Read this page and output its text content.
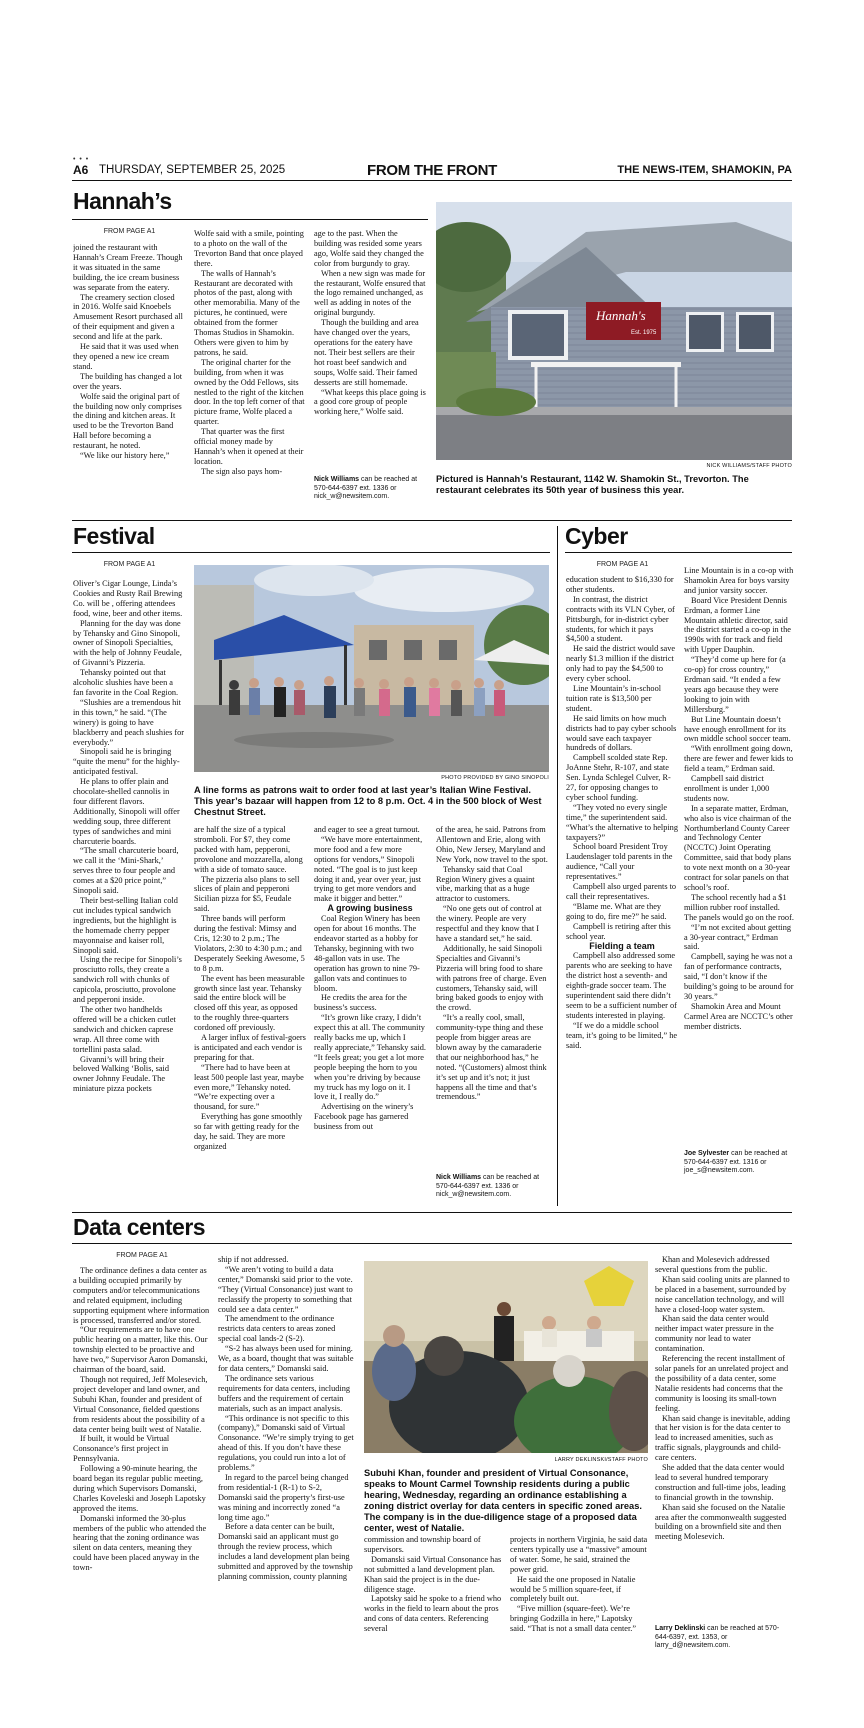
• • •
A6 THURSDAY, SEPTEMBER 25, 2025	FROM THE FRONT	THE NEWS-ITEM, SHAMOKIN, PA
Hannah’s
FROM PAGE A1

joined the restaurant with Hannah’s Cream Freeze. Though it was situated in the same building, the ice cream business was separate from the eatery.

The creamery section closed in 2016. Wolfe said Knoebels Amusement Resort purchased all of their equipment and given a second and life at the park.

He said that it was used when they opened a new ice cream stand.

The building has changed a lot over the years.

Wolfe said the original part of the building now only comprises the dining and kitchen areas. It used to be the Trevorton Band Hall before becoming a restaurant, he noted.

“We like our history here,”

Wolfe said with a smile, pointing to a photo on the wall of the Trevorton Band that once played there.

The walls of Hannah’s Restaurant are decorated with photos of the past, along with other memorabilia. Many of the pictures, he continued, were obtained from the former Thomas Studios in Shamokin. Others were given to him by patrons, he said.

The original charter for the building, from when it was owned by the Odd Fellows, sits nestled to the right of the kitchen door. In the top left corner of that picture frame, Wolfe placed a quarter.

That quarter was the first official money made by Hannah’s when it opened at their location.

The sign also pays hom-

age to the past. When the building was resided some years ago, Wolfe said they changed the color from burgundy to gray.

When a new sign was made for the restaurant, Wolfe ensured that the logo remained unchanged, as well as adding in notes of the original burgundy.

Though the building and area have changed over the years, operations for the eatery have not. Their best sellers are their hot roast beef sandwich and soups, Wolfe said. Their famed desserts are still homemade.

“What keeps this place going is a good core group of people working here,” Wolfe said.

Nick Williams can be reached at 570-644-6397 ext. 1336 or nick_w@newsitem.com.
Hannah's
Est. 1975
NICK WILLIAMS/STAFF PHOTO
Pictured is Hannah’s Restaurant, 1142 W. Shamokin St., Trevorton. The restaurant celebrates its 50th year of business this year.
Festival
FROM PAGE A1

Oliver’s Cigar Lounge, Linda’s Cookies and Rusty Rail Brewing Co. will be , offering attendees food, wine, beer and other items.

Planning for the day was done by Tehansky and Gino Sinopoli, owner of Sinopoli Specialties, with the help of Johnny Feudale, of Givanni’s Pizzeria.

Tehansky pointed out that alcoholic slushies have been a fan favorite in the Coal Region.

“Slushies are a tremendous hit in this town,” he said. “(The winery) is going to have blackberry and peach slushies for everybody.”

Sinopoli said he is bringing “quite the menu” for the highly-anticipated festival.

He plans to offer plain and chocolate-shelled cannolis in four different flavors. Additionally, Sinopoli will offer wedding soup, three different types of sandwiches and mini charcuterie boards.

“The small charcuterie board, we call it the ‘Mini-Shark,’ serves three to four people and comes at a $20 price point,” Sinopoli said.

Their best-selling Italian cold cut includes typical sandwich ingredients, but the highlight is the homemade cherry pepper mayonnaise and kaiser roll, Sinopoli said.

Using the recipe for Sinopoli’s prosciutto rolls, they create a sandwich roll with chunks of capicola, prosciutto, provolone and pepperoni inside.

The other two handhelds offered will be a chicken cutlet sandwich and chicken caprese wrap. All three come with tortellini pasta salad.

Givanni’s will bring their beloved Walking ‘Bolis, said owner Johnny Feudale. The miniature pizza pockets

PHOTO PROVIDED BY GINO SINOPOLI
A line forms as patrons wait to order food at last year’s Italian Wine Festival. This year’s bazaar will happen from 12 to 8 p.m. Oct. 4 in the 500 block of West Chestnut Street.

are half the size of a typical stromboli. For $7, they come packed with ham, pepperoni, provolone and mozzarella, along with a side of tomato sauce.

The pizzeria also plans to sell slices of plain and pepperoni Sicilian pizza for $5, Feudale said.

Three bands will perform during the festival: Mimsy and Cris, 12:30 to 2 p.m.; The Violators, 2:30 to 4:30 p.m.; and Desperately Seeking Awesome, 5 to 8 p.m.

The event has been measurable growth since last year. Tehansky said the entire block will be closed off this year, as opposed to the roughly three-quarters cordoned off previously.

A larger influx of festival-goers is anticipated and each vendor is preparing for that.

“There had to have been at least 500 people last year, maybe even more,” Tehansky noted. “We’re expecting over a thousand, for sure.”

Everything has gone smoothly so far with getting ready for the day, he said. They are more organized

and eager to see a great turnout.

“We have more entertainment, more food and a few more options for vendors,” Sinopoli noted. “The goal is to just keep doing it and, year over year, just trying to get more vendors and make it bigger and better.”

A growing business

Coal Region Winery has been open for about 16 months. The endeavor started as a hobby for Tehansky, beginning with two 48-gallon vats in use. The operation has grown to nine 79-gallon vats and continues to bloom.

He credits the area for the business’s success.

“It’s grown like crazy, I didn’t expect this at all. The community really backs me up, which I really appreciate,” Tehansky said. “It feels great; you get a lot more people beeping the horn to you when you’re driving by because my truck has my logo on it. I love it, I really do.”

Advertising on the winery’s Facebook page has garnered business from out

of the area, he said. Patrons from Allentown and Erie, along with Ohio, New Jersey, Maryland and New York, now travel to the spot.

Tehansky said that Coal Region Winery gives a quaint vibe, marking that as a huge attractor to customers.

“No one gets out of control at the winery. People are very respectful and they know that I have a standard set,” he said.

Additionally, he said Sinopoli Specialties and Givanni’s Pizzeria will bring food to share with patrons free of charge. Even customers, Tehansky said, will bring baked goods to enjoy with the crowd.

“It’s a really cool, small, community-type thing and these people from bigger areas are blown away by the camaraderie that our neighborhood has,” he noted. “(Customers) almost think it’s set up and it’s not; it just happens all the time and that’s tremendous.”

Nick Williams can be reached at 570-644-6397 ext. 1336 or nick_w@newsitem.com.
Cyber
FROM PAGE A1

education student to $16,330 for other students.

In contrast, the district contracts with its VLN Cyber, of Pittsburgh, for in-district cyber students, for which it pays $4,500 a student.

He said the district would save nearly $1.3 million if the district only had to pay the $4,500 to every cyber school.

Line Mountain’s in-school tuition rate is $13,500 per student.

He said limits on how much districts had to pay cyber schools would save each taxpayer hundreds of dollars.

Campbell scolded state Rep. JoAnne Stehr, R-107, and state Sen. Lynda Schlegel Culver, R-27, for opposing changes to cyber school funding.

“They voted no every single time,” the superintendent said. “What’s the alternative to helping taxpayers?”

School board President Troy Laudenslager told parents in the audience, “Call your representatives.”

Campbell also urged parents to call their representatives.

“Blame me. What are they going to do, fire me?” he said.

Campbell is retiring after this school year.

Fielding a team

Campbell also addressed some parents who are seeking to have the district host a seventh- and eighth-grade soccer team. The superintendent said there didn’t seem to be a sufficient number of students interested in playing.

“If we do a middle school team, it’s going to be limited,” he said.

Line Mountain is in a co-op with Shamokin Area for boys varsity and junior varsity soccer.

Board Vice President Dennis Erdman, a former Line Mountain athletic director, said the district started a co-op in the 1990s with for track and field with Upper Dauphin.

“They’d come up here for (a co-op) for cross country,” Erdman said. “It ended a few years ago because they were looking to join with Millersburg.”

But Line Mountain doesn’t have enough enrollment for its own middle school soccer team.

“With enrollment going down, there are fewer and fewer kids to field a team,” Erdman said.

Campbell said district enrollment is under 1,000 students now.

In a separate matter, Erdman, who also is vice chairman of the Northumberland County Career and Technology Center (NCCTC) Joint Operating Committee, said that body plans to vote next month on a 30-year contract for solar panels on that school’s roof.

The school recently had a $1 million rubber roof installed. The panels would go on the roof.

“I’m not excited about getting a 30-year contract,” Erdman said.

Campbell, saying he was not a fan of performance contracts, said, “I don’t know if the building’s going to be around for 30 years.”

Shamokin Area and Mount Carmel Area are NCCTC’s other member districts.

Joe Sylvester can be reached at 570-644-6397 ext. 1316 or joe_s@newsitem.com.
Data centers
FROM PAGE A1

The ordinance defines a data center as a building occupied primarily by computers and/or telecommunications and related equipment, including supporting equipment where information is processed, transferred and/or stored.

“Our requirements are to have one public hearing on a matter, like this. Our township elected to be proactive and have two,” Supervisor Aaron Domanski, chairman of the board, said.

Though not required, Jeff Molesevich, project developer and land owner, and Subuhi Khan, founder and president of Virtual Consonance, fielded questions from residents about the possibility of a data center being built west of Natalie.

If built, it would be Virtual Consonance’s first project in Pennsylvania.

Following a 90-minute hearing, the board began its regular public meeting, during which Supervisors Domanski, Charles Koveleski and Joseph Lapotsky approved the items.

Domanski informed the 30-plus members of the public who attended the hearing that the zoning ordinance was silent on data centers, meaning they could have been placed anyway in the town-

ship if not addressed.

“We aren’t voting to build a data center,” Domanski said prior to the vote. “They (Virtual Consonance) just want to reclassify the property to something that could see a data center.”

The amendment to the ordinance restricts data centers to areas zoned special coal lands-2 (S-2).

“S-2 has always been used for mining. We, as a board, thought that was suitable for data centers,” Domanski said.

The ordinance sets various requirements for data centers, including buffers and the requirement of certain materials, such as an impact analysis.

“This ordinance is not specific to this (company),” Domanski said of Virtual Consonance. “We’re simply trying to get ahead of this. If you don’t have these regulations, you could run into a lot of problems.”

In regard to the parcel being changed from residential-1 (R-1) to S-2, Domanski said the property’s first-use was mining and incorrectly zoned “a long time ago.”

Before a data center can be built, Domanski said an applicant must go through the review process, which includes a land development plan being submitted and approved by the township planning commission, county planning

LARRY DEKLINSKI/STAFF PHOTO
Subuhi Khan, founder and president of Virtual Consonance, speaks to Mount Carmel Township residents during a public hearing, Wednesday, regarding an ordinance establishing a zoning district overlay for data centers in specific zoned areas. The company is in the due-diligence stage of a proposed data center, west of Natalie.

commission and township board of supervisors.

Domanski said Virtual Consonance has not submitted a land development plan. Khan said the project is in the due-diligence stage.

Lapotsky said he spoke to a friend who works in the field to learn about the pros and cons of data centers. Referencing several

projects in northern Virginia, he said data centers typically use a “massive” amount of water. Some, he said, strained the power grid.

He said the one proposed in Natalie would be 5 million square-feet, if completely built out.

“Five million (square-feet). We’re bringing Godzilla in here,” Lapotsky said. “That is not a small data center.”

Khan and Molesevich addressed several questions from the public.

Khan said cooling units are planned to be placed in a basement, surrounded by noise cancellation technology, and will have a closed-loop water system.

Khan said the data center would neither impact water pressure in the community nor lead to water contamination.

Referencing the recent installment of solar panels for an unrelated project and the possibility of a data center, some Natalie residents had concerns that the community is loosing its small-town feeling.

Khan said change is inevitable, adding that her vision is for the data center to lead to increased amenities, such as traffic signals, playgrounds and child-care centers.

She added that the data center would lead to several hundred temporary construction and full-time jobs, leading to financial growth in the township.

Khan said she focused on the Natalie area after the commonwealth suggested building on a brownfield site and then meeting Molesevich.

Larry Deklinski can be reached at 570-644-6397, ext. 1353, or larry_d@newsitem.com.
